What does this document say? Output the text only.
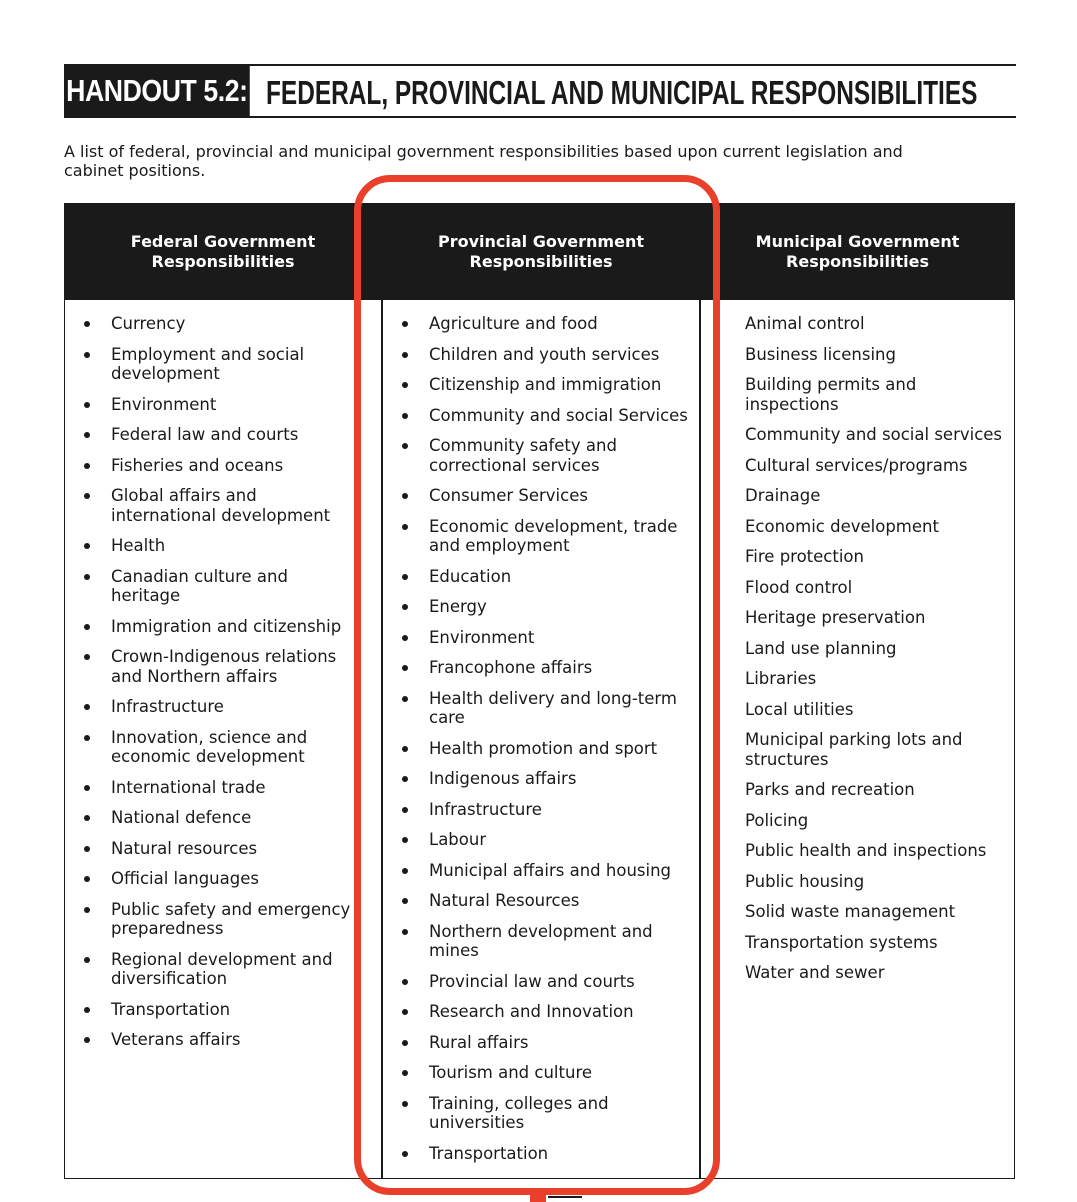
HANDOUT 5.2: FEDERAL, PROVINCIAL AND MUNICIPAL RESPONSIBILITIES
A list of federal, provincial and municipal government responsibilities based upon current legislation and cabinet positions.
Federal Government Responsibilities
Currency
Employment and social development
Environment
Federal law and courts
Fisheries and oceans
Global affairs and international development
Health
Canadian culture and heritage
Immigration and citizenship
Crown-Indigenous relations and Northern affairs
Infrastructure
Innovation, science and economic development
International trade
National defence
Natural resources
Official languages
Public safety and emergency preparedness
Regional development and diversification
Transportation
Veterans affairs
Provincial Government Responsibilities
Agriculture and food
Children and youth services
Citizenship and immigration
Community and social Services
Community safety and correctional services
Consumer Services
Economic development, trade and employment
Education
Energy
Environment
Francophone affairs
Health delivery and long-term care
Health promotion and sport
Indigenous affairs
Infrastructure
Labour
Municipal affairs and housing
Natural Resources
Northern development and mines
Provincial law and courts
Research and Innovation
Rural affairs
Tourism and culture
Training, colleges and universities
Transportation
Municipal Government Responsibilities
Animal control
Business licensing
Building permits and inspections
Community and social services
Cultural services/programs
Drainage
Economic development
Fire protection
Flood control
Heritage preservation
Land use planning
Libraries
Local utilities
Municipal parking lots and structures
Parks and recreation
Policing
Public health and inspections
Public housing
Solid waste management
Transportation systems
Water and sewer
